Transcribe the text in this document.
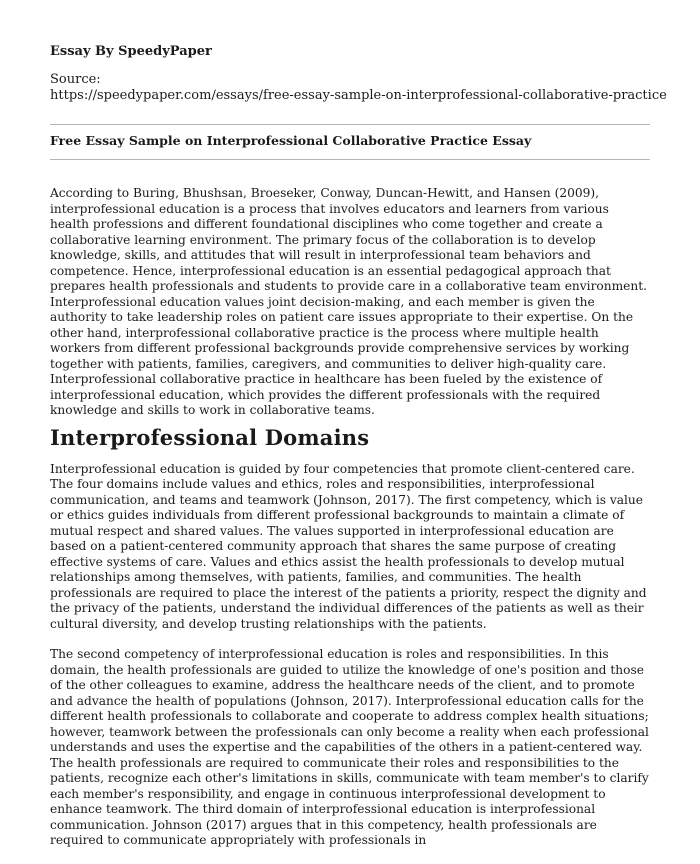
Essay By SpeedyPaper
Source:
https://speedypaper.com/essays/free-essay-sample-on-interprofessional-collaborative-practice
Free Essay Sample on Interprofessional Collaborative Practice Essay

According to Buring, Bhushsan, Broeseker, Conway, Duncan-Hewitt, and Hansen (2009), interprofessional education is a process that involves educators and learners from various health professions and different foundational disciplines who come together and create a collaborative learning environment. The primary focus of the collaboration is to develop knowledge, skills, and attitudes that will result in interprofessional team behaviors and competence. Hence, interprofessional education is an essential pedagogical approach that prepares health professionals and students to provide care in a collaborative team environment. Interprofessional education values joint decision-making, and each member is given the authority to take leadership roles on patient care issues appropriate to their expertise. On the other hand, interprofessional collaborative practice is the process where multiple health workers from different professional backgrounds provide comprehensive services by working together with patients, families, caregivers, and communities to deliver high-quality care. Interprofessional collaborative practice in healthcare has been fueled by the existence of interprofessional education, which provides the different professionals with the required knowledge and skills to work in collaborative teams.

Interprofessional Domains

Interprofessional education is guided by four competencies that promote client-centered care. The four domains include values and ethics, roles and responsibilities, interprofessional communication, and teams and teamwork (Johnson, 2017). The first competency, which is value or ethics guides individuals from different professional backgrounds to maintain a climate of mutual respect and shared values. The values supported in interprofessional education are based on a patient-centered community approach that shares the same purpose of creating effective systems of care. Values and ethics assist the health professionals to develop mutual relationships among themselves, with patients, families, and communities. The health professionals are required to place the interest of the patients a priority, respect the dignity and the privacy of the patients, understand the individual differences of the patients as well as their cultural diversity, and develop trusting relationships with the patients.

The second competency of interprofessional education is roles and responsibilities. In this domain, the health professionals are guided to utilize the knowledge of one's position and those of the other colleagues to examine, address the healthcare needs of the client, and to promote and advance the health of populations (Johnson, 2017). Interprofessional education calls for the different health professionals to collaborate and cooperate to address complex health situations; however, teamwork between the professionals can only become a reality when each professional understands and uses the expertise and the capabilities of the others in a patient-centered way. The health professionals are required to communicate their roles and responsibilities to the patients, recognize each other's limitations in skills, communicate with team member's to clarify each member's responsibility, and engage in continuous interprofessional development to enhance teamwork. The third domain of interprofessional education is interprofessional communication. Johnson (2017) argues that in this competency, health professionals are required to communicate appropriately with professionals in
